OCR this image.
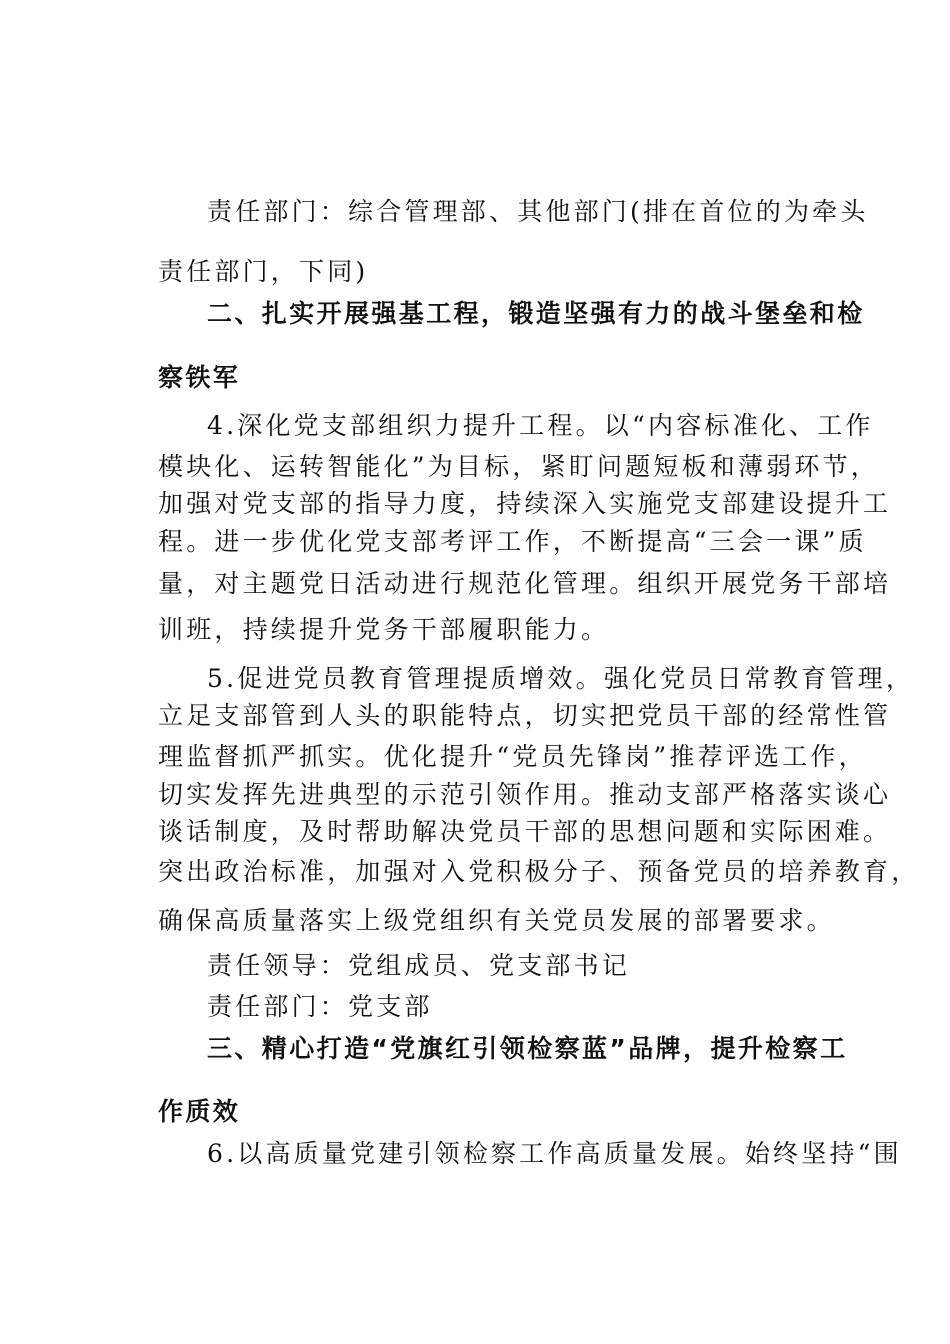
责任部门：综合管理部、其他部门(排在首位的为牵头
责任部门，下同)
二、扎实开展强基工程，锻造坚强有力的战斗堡垒和检
察铁军
4.深化党支部组织力提升工程。以“内容标准化、工作
模块化、运转智能化”为目标，紧盯问题短板和薄弱环节，
加强对党支部的指导力度，持续深入实施党支部建设提升工
程。进一步优化党支部考评工作，不断提高“三会一课”质
量，对主题党日活动进行规范化管理。组织开展党务干部培
训班，持续提升党务干部履职能力。
5.促进党员教育管理提质增效。强化党员日常教育管理，
立足支部管到人头的职能特点，切实把党员干部的经常性管
理监督抓严抓实。优化提升“党员先锋岗”推荐评选工作，
切实发挥先进典型的示范引领作用。推动支部严格落实谈心
谈话制度，及时帮助解决党员干部的思想问题和实际困难。
突出政治标准，加强对入党积极分子、预备党员的培养教育，
确保高质量落实上级党组织有关党员发展的部署要求。
责任领导：党组成员、党支部书记
责任部门：党支部
三、精心打造“党旗红引领检察蓝”品牌，提升检察工
作质效
6.以高质量党建引领检察工作高质量发展。始终坚持“围
